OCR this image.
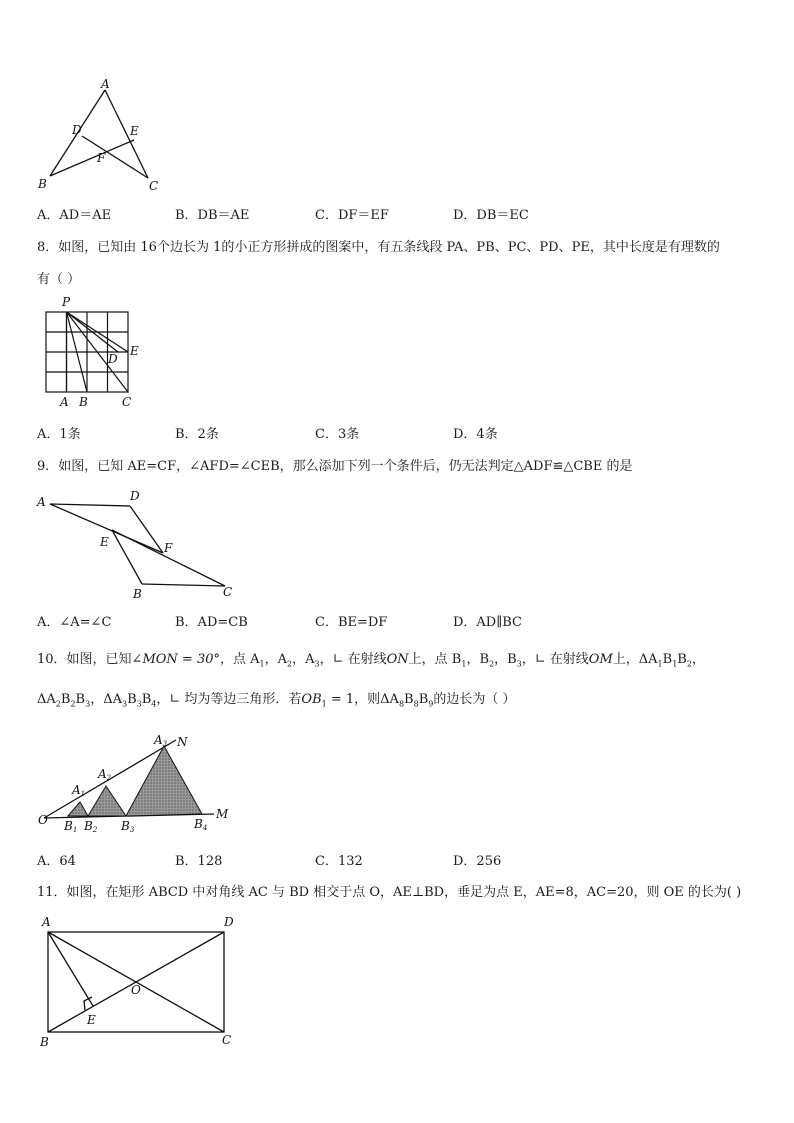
A
D	E
F
B	C
A．AD＝AE	B．DB＝AE	C．DF＝EF	D．DB＝EC
8．如图，已知由 16个边长为 1的小正方形拼成的图案中，有五条线段 PA、PB、PC、PD、PE，其中长度是有理数的
有（ ）
P
D
E
A B	C
A．1条	B．2条	C．3条	D．4条
9．如图，已知 AE=CF，∠AFD=∠CEB，那么添加下列一个条件后，仍无法判定△ADF≌△CBE 的是
A	D
E	F
B	C
A．∠A=∠C	B．AD=CB	C．BE=DF	D．AD∥BC
10．如图，已知∠MON = 30°，点 $A_1$，$A_2$，$A_3$，∟ 在射线ON上，点 $B_1$，$B_2$，$B_3$，∟ 在射线OM上，$\Delta A_1B_1B_2$，
$\Delta A_2B_2B_3$，$\Delta A_3B_3B_4$，∟ 均为等边三角形．若$OB_1 = 1$，则$\Delta A_8B_8B_9$的边长为（ ）
O
N
M
A1
A2
A3
B1 B2 B3	B4
A．64	B．128	C．132	D．256
11．如图，在矩形 ABCD 中对角线 AC 与 BD 相交于点 O，AE⊥BD，垂足为点 E，AE=8，AC=20，则 OE 的长为( )
A	D
O
E
B	C
